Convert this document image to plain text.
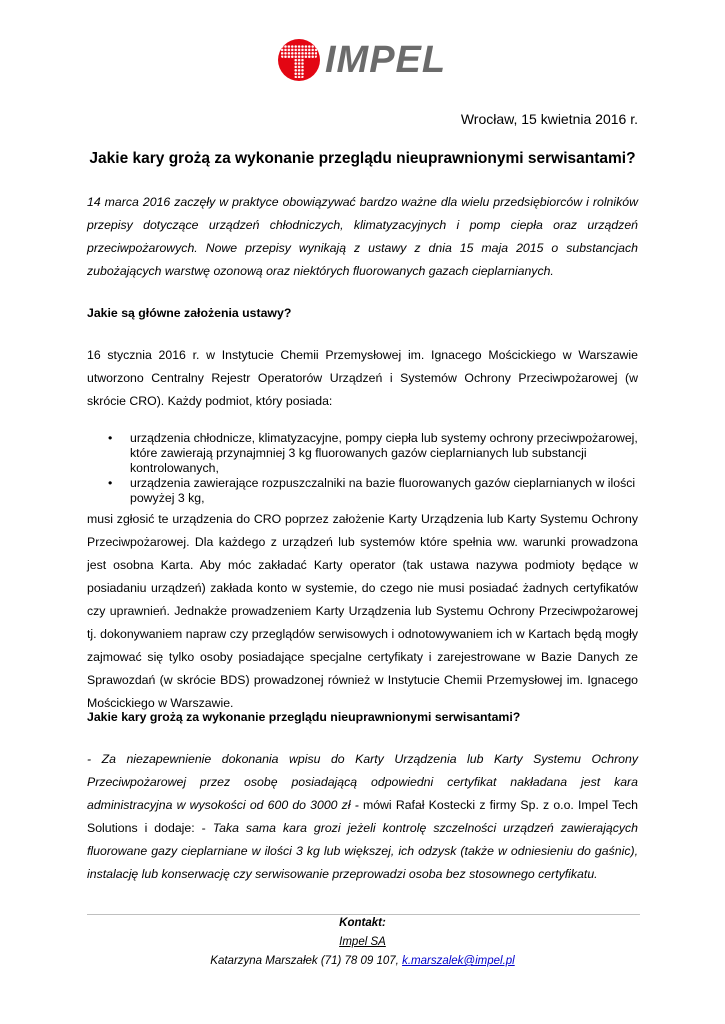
IMPEL
Wrocław, 15 kwietnia 2016 r.
Jakie kary grożą za wykonanie przeglądu nieuprawnionymi serwisantami?

14 marca 2016 zaczęły w praktyce obowiązywać bardzo ważne dla wielu przedsiębiorców i rolników przepisy dotyczące urządzeń chłodniczych, klimatyzacyjnych i pomp ciepła oraz urządzeń przeciwpożarowych. Nowe przepisy wynikają z ustawy z dnia 15 maja 2015 o substancjach zubożających warstwę ozonową oraz niektórych fluorowanych gazach cieplarnianych.

Jakie są główne założenia ustawy?

16 stycznia 2016 r. w Instytucie Chemii Przemysłowej im. Ignacego Mościckiego w Warszawie utworzono Centralny Rejestr Operatorów Urządzeń i Systemów Ochrony Przeciwpożarowej (w skrócie CRO). Każdy podmiot, który posiada:

• urządzenia chłodnicze, klimatyzacyjne, pompy ciepła lub systemy ochrony przeciwpożarowej, które zawierają przynajmniej 3 kg fluorowanych gazów cieplarnianych lub substancji kontrolowanych,
• urządzenia zawierające rozpuszczalniki na bazie fluorowanych gazów cieplarnianych w ilości powyżej 3 kg,

musi zgłosić te urządzenia do CRO poprzez założenie Karty Urządzenia lub Karty Systemu Ochrony Przeciwpożarowej. Dla każdego z urządzeń lub systemów które spełnia ww. warunki prowadzona jest osobna Karta. Aby móc zakładać Karty operator (tak ustawa nazywa podmioty będące w posiadaniu urządzeń) zakłada konto w systemie, do czego nie musi posiadać żadnych certyfikatów czy uprawnień. Jednakże prowadzeniem Karty Urządzenia lub Systemu Ochrony Przeciwpożarowej tj. dokonywaniem napraw czy przeglądów serwisowych i odnotowywaniem ich w Kartach będą mogły zajmować się tylko osoby posiadające specjalne certyfikaty i zarejestrowane w Bazie Danych ze Sprawozdań (w skrócie BDS) prowadzonej również w Instytucie Chemii Przemysłowej im. Ignacego Mościckiego w Warszawie.

Jakie kary grożą za wykonanie przeglądu nieuprawnionymi serwisantami?

- Za niezapewnienie dokonania wpisu do Karty Urządzenia lub Karty Systemu Ochrony Przeciwpożarowej przez osobę posiadającą odpowiedni certyfikat nakładana jest kara administracyjna w wysokości od 600 do 3000 zł - mówi Rafał Kostecki z firmy Sp. z o.o. Impel Tech Solutions i dodaje: - Taka sama kara grozi jeżeli kontrolę szczelności urządzeń zawierających fluorowane gazy cieplarniane w ilości 3 kg lub większej, ich odzysk (także w odniesieniu do gaśnic), instalację lub konserwację czy serwisowanie przeprowadzi osoba bez stosownego certyfikatu.

Kontakt:
Impel SA
Katarzyna Marszałek (71) 78 09 107, k.marszalek@impel.pl
